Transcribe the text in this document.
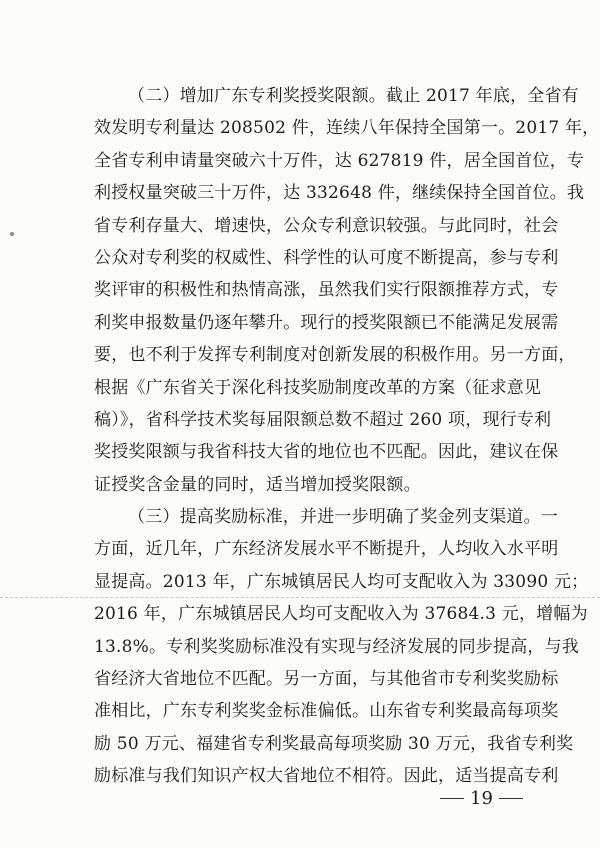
（二）增加广东专利奖授奖限额。截止 2017 年底，全省有
效发明专利量达 208502 件，连续八年保持全国第一。2017 年，
全省专利申请量突破六十万件，达 627819 件，居全国首位，专
利授权量突破三十万件，达 332648 件，继续保持全国首位。我
省专利存量大、增速快，公众专利意识较强。与此同时，社会
公众对专利奖的权威性、科学性的认可度不断提高，参与专利
奖评审的积极性和热情高涨，虽然我们实行限额推荐方式，专
利奖申报数量仍逐年攀升。现行的授奖限额已不能满足发展需
要，也不利于发挥专利制度对创新发展的积极作用。另一方面，
根据《广东省关于深化科技奖励制度改革的方案（征求意见
稿）》，省科学技术奖每届限额总数不超过 260 项，现行专利
奖授奖限额与我省科技大省的地位也不匹配。因此，建议在保
证授奖含金量的同时，适当增加授奖限额。
（三）提高奖励标准，并进一步明确了奖金列支渠道。一
方面，近几年，广东经济发展水平不断提升，人均收入水平明
显提高。2013 年，广东城镇居民人均可支配收入为 33090 元；
2016 年，广东城镇居民人均可支配收入为 37684.3 元，增幅为
13.8%。专利奖奖励标准没有实现与经济发展的同步提高，与我
省经济大省地位不匹配。另一方面，与其他省市专利奖奖励标
准相比，广东专利奖奖金标准偏低。山东省专利奖最高每项奖
励 50 万元、福建省专利奖最高每项奖励 30 万元，我省专利奖
励标准与我们知识产权大省地位不相符。因此，适当提高专利
19
